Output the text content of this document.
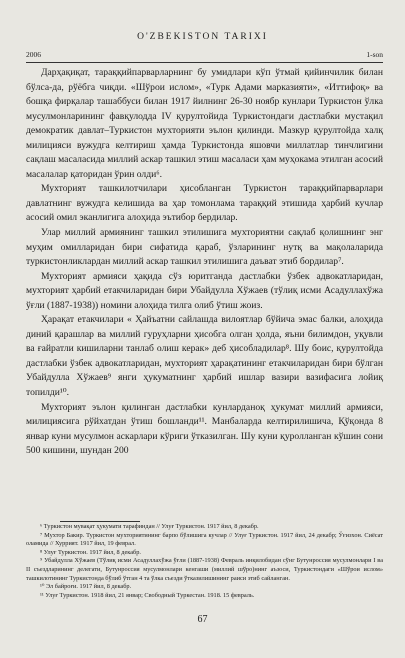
O'ZBEKISTON TARIXI
2006	1-son

Дарҳақиқат, тараққийпарварларнинг бу умидлари кўп ўтмай қийинчилик билан бўлса-да, рўёбга чиқди. «Шўрои ислом», «Турк Адами марказияти», «Иттифоқ» ва бошқа фирқалар ташаббуси билан 1917 йилнинг 26-30 ноябр кунлари Туркистон ўлка мусулмонларининг фавқулодда IV қурултойида Туркистондаги дастлабки мустақил демократик давлат–Туркистон мухторияти эълон қилинди. Мазкур қурултойда халқ милицияси вужудга келтириш ҳамда Туркистонда яшовчи миллатлар тинчлигини сақлаш масаласида миллий аскар ташкил этиш масаласи ҳам муҳокама этилган асосий масалалар қаторидан ўрин олди⁶.

Мухторият ташкилотчилари ҳисобланган Туркистон тараққийпарварлари давлатнинг вужудга келишида ва ҳар томонлама тараққий этишида ҳарбий кучлар асосий омил эканлигига алоҳида эътибор бердилар.

Улар миллий армиянинг ташкил этилишига мухториятни сақлаб қолишнинг энг муҳим омилларидан бири сифатида қараб, ўзларининг нутқ ва мақолаларида туркистонликлардан миллий аскар ташкил этилишига даъват этиб бордилар⁷.

Мухторият армияси ҳақида сўз юритганда дастлабки ўзбек адвокатларидан, мухторият ҳарбий етакчиларидан бири Убайдулла Хўжаев (тўлиқ исми Асадуллахўжа ўғли (1887-1938)) номини алоҳида тилга олиб ўтиш жоиз.

Ҳарақат етакчилари « Ҳайъатни сайлашда вилоятлар бўйича эмас балки, алоҳида диний қарашлар ва миллий гуруҳларни ҳисобга олган ҳолда, яъни билимдон, уқувли ва ғайратли кишиларни танлаб олиш керак» деб ҳисобладилар⁸. Шу боис, қурултойда дастлабки ўзбек адвокатларидан, мухторият ҳарақатининг етакчиларидан бири бўлган Убайдулла Хўжаев⁹ янги ҳукуматнинг ҳарбий ишлар вазири вазифасига лойиқ топилди¹⁰.

Мухторият эълон қилинган дастлабки кунларданоқ ҳукумат миллий армияси, милициясига рўйхатдан ўтиш бошланди¹¹. Манбаларда келтирилишича, Қўқонда 8 январ куни мусулмон аскарлари кўриги ўтказилган. Шу куни қуролланган кўшин сони 500 кишини, шундан 200

⁶ Туркистон мувақат ҳукумати тарафиндан // Улуғ Туркистон. 1917 йил, 8 декабр.

⁷ Мухтор Бакир. Туркистон мухториятининг барпо бўлишига кучлар // Улуғ Туркистон. 1917 йил, 24 декабр; Ўғизхон. Сиёсат оламида // Хуррият. 1917 йил, 19 феврал.

⁸ Улуғ Туркистон. 1917 йил, 8 декабр.

⁹ Убайдулла Хўжаев (Тўлиқ исми Асадуллахўжа ўғли (1887-1938) Февраль инқилобидан сўнг Бутунроссия мусулмонлари I ва II съездларининг делегати, Бутунроссия мусулмонлари кенгаши (миллий шўро)нинг аъзоси, Туркистондаги «Шўрои ислом» ташкилотининг Туркистонда бўлиб ўтган 4 та ўлка съезди ўтказилишининг раиси этиб сайланган.

¹⁰ Эл байроғи. 1917 йил, 8 декабр.

¹¹ Улуғ Туркистон. 1918 йил, 21 январ; Свободный Туркестан. 1918. 15 февраль.

67
